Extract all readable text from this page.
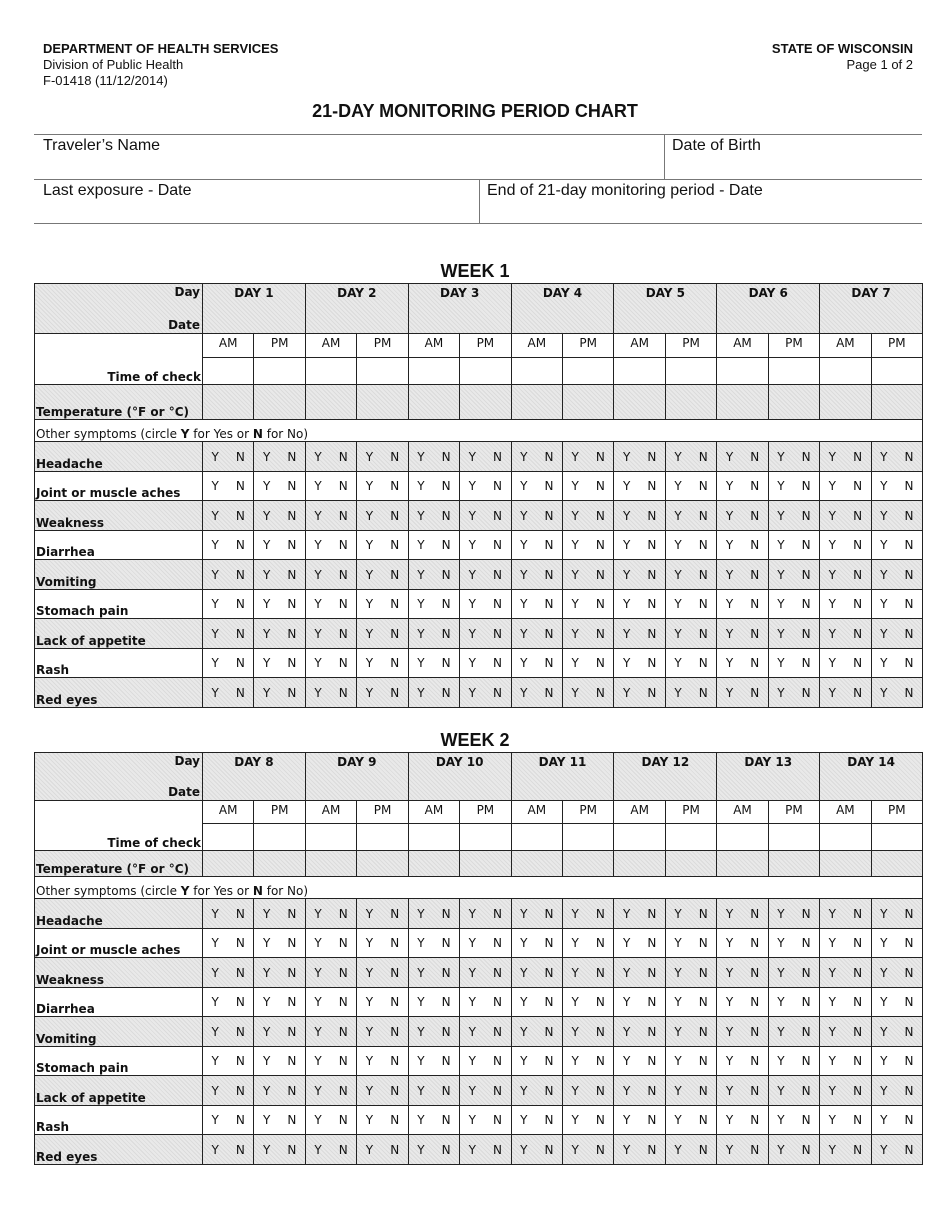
DEPARTMENT OF HEALTH SERVICES
Division of Public Health
F-01418 (11/12/2014)
STATE OF WISCONSIN
Page 1 of 2
21-DAY MONITORING PERIOD CHART
Traveler’s Name	Date of Birth
Last exposure - Date	End of 21-day monitoring period - Date
WEEK 1
Day
Date	DAY 1		DAY 2		DAY 3		DAY 4		DAY 5		DAY 6		DAY 7	
Time of check	AM	PM	AM	PM	AM	PM	AM	PM	AM	PM	AM	PM	AM	PM

Temperature (°F or °C)														
Other symptoms (circle Y for Yes or N for No)														
Headache	Y N	Y N	Y N	Y N	Y N	Y N	Y N	Y N	Y N	Y N	Y N	Y N	Y N	Y N

Joint or muscle aches	Y N	Y N	Y N	Y N	Y N	Y N	Y N	Y N	Y N	Y N	Y N	Y N	Y N	Y N

Weakness	Y N	Y N	Y N	Y N	Y N	Y N	Y N	Y N	Y N	Y N	Y N	Y N	Y N	Y N

Diarrhea	Y N	Y N	Y N	Y N	Y N	Y N	Y N	Y N	Y N	Y N	Y N	Y N	Y N	Y N

Vomiting	Y N	Y N	Y N	Y N	Y N	Y N	Y N	Y N	Y N	Y N	Y N	Y N	Y N	Y N

Stomach pain	Y N	Y N	Y N	Y N	Y N	Y N	Y N	Y N	Y N	Y N	Y N	Y N	Y N	Y N

Lack of appetite	Y N	Y N	Y N	Y N	Y N	Y N	Y N	Y N	Y N	Y N	Y N	Y N	Y N	Y N

Rash	Y N	Y N	Y N	Y N	Y N	Y N	Y N	Y N	Y N	Y N	Y N	Y N	Y N	Y N

Red eyes	Y N	Y N	Y N	Y N	Y N	Y N	Y N	Y N	Y N	Y N	Y N	Y N	Y N	Y N
WEEK 2
Day
Date	DAY 8		DAY 9		DAY 10		DAY 11		DAY 12		DAY 13		DAY 14	
Time of check	AM	PM	AM	PM	AM	PM	AM	PM	AM	PM	AM	PM	AM	PM

Temperature (°F or °C)														
Other symptoms (circle Y for Yes or N for No)														
Headache	Y N	Y N	Y N	Y N	Y N	Y N	Y N	Y N	Y N	Y N	Y N	Y N	Y N	Y N

Joint or muscle aches	Y N	Y N	Y N	Y N	Y N	Y N	Y N	Y N	Y N	Y N	Y N	Y N	Y N	Y N

Weakness	Y N	Y N	Y N	Y N	Y N	Y N	Y N	Y N	Y N	Y N	Y N	Y N	Y N	Y N

Diarrhea	Y N	Y N	Y N	Y N	Y N	Y N	Y N	Y N	Y N	Y N	Y N	Y N	Y N	Y N

Vomiting	Y N	Y N	Y N	Y N	Y N	Y N	Y N	Y N	Y N	Y N	Y N	Y N	Y N	Y N

Stomach pain	Y N	Y N	Y N	Y N	Y N	Y N	Y N	Y N	Y N	Y N	Y N	Y N	Y N	Y N

Lack of appetite	Y N	Y N	Y N	Y N	Y N	Y N	Y N	Y N	Y N	Y N	Y N	Y N	Y N	Y N

Rash	Y N	Y N	Y N	Y N	Y N	Y N	Y N	Y N	Y N	Y N	Y N	Y N	Y N	Y N

Red eyes	Y N	Y N	Y N	Y N	Y N	Y N	Y N	Y N	Y N	Y N	Y N	Y N	Y N	Y N
